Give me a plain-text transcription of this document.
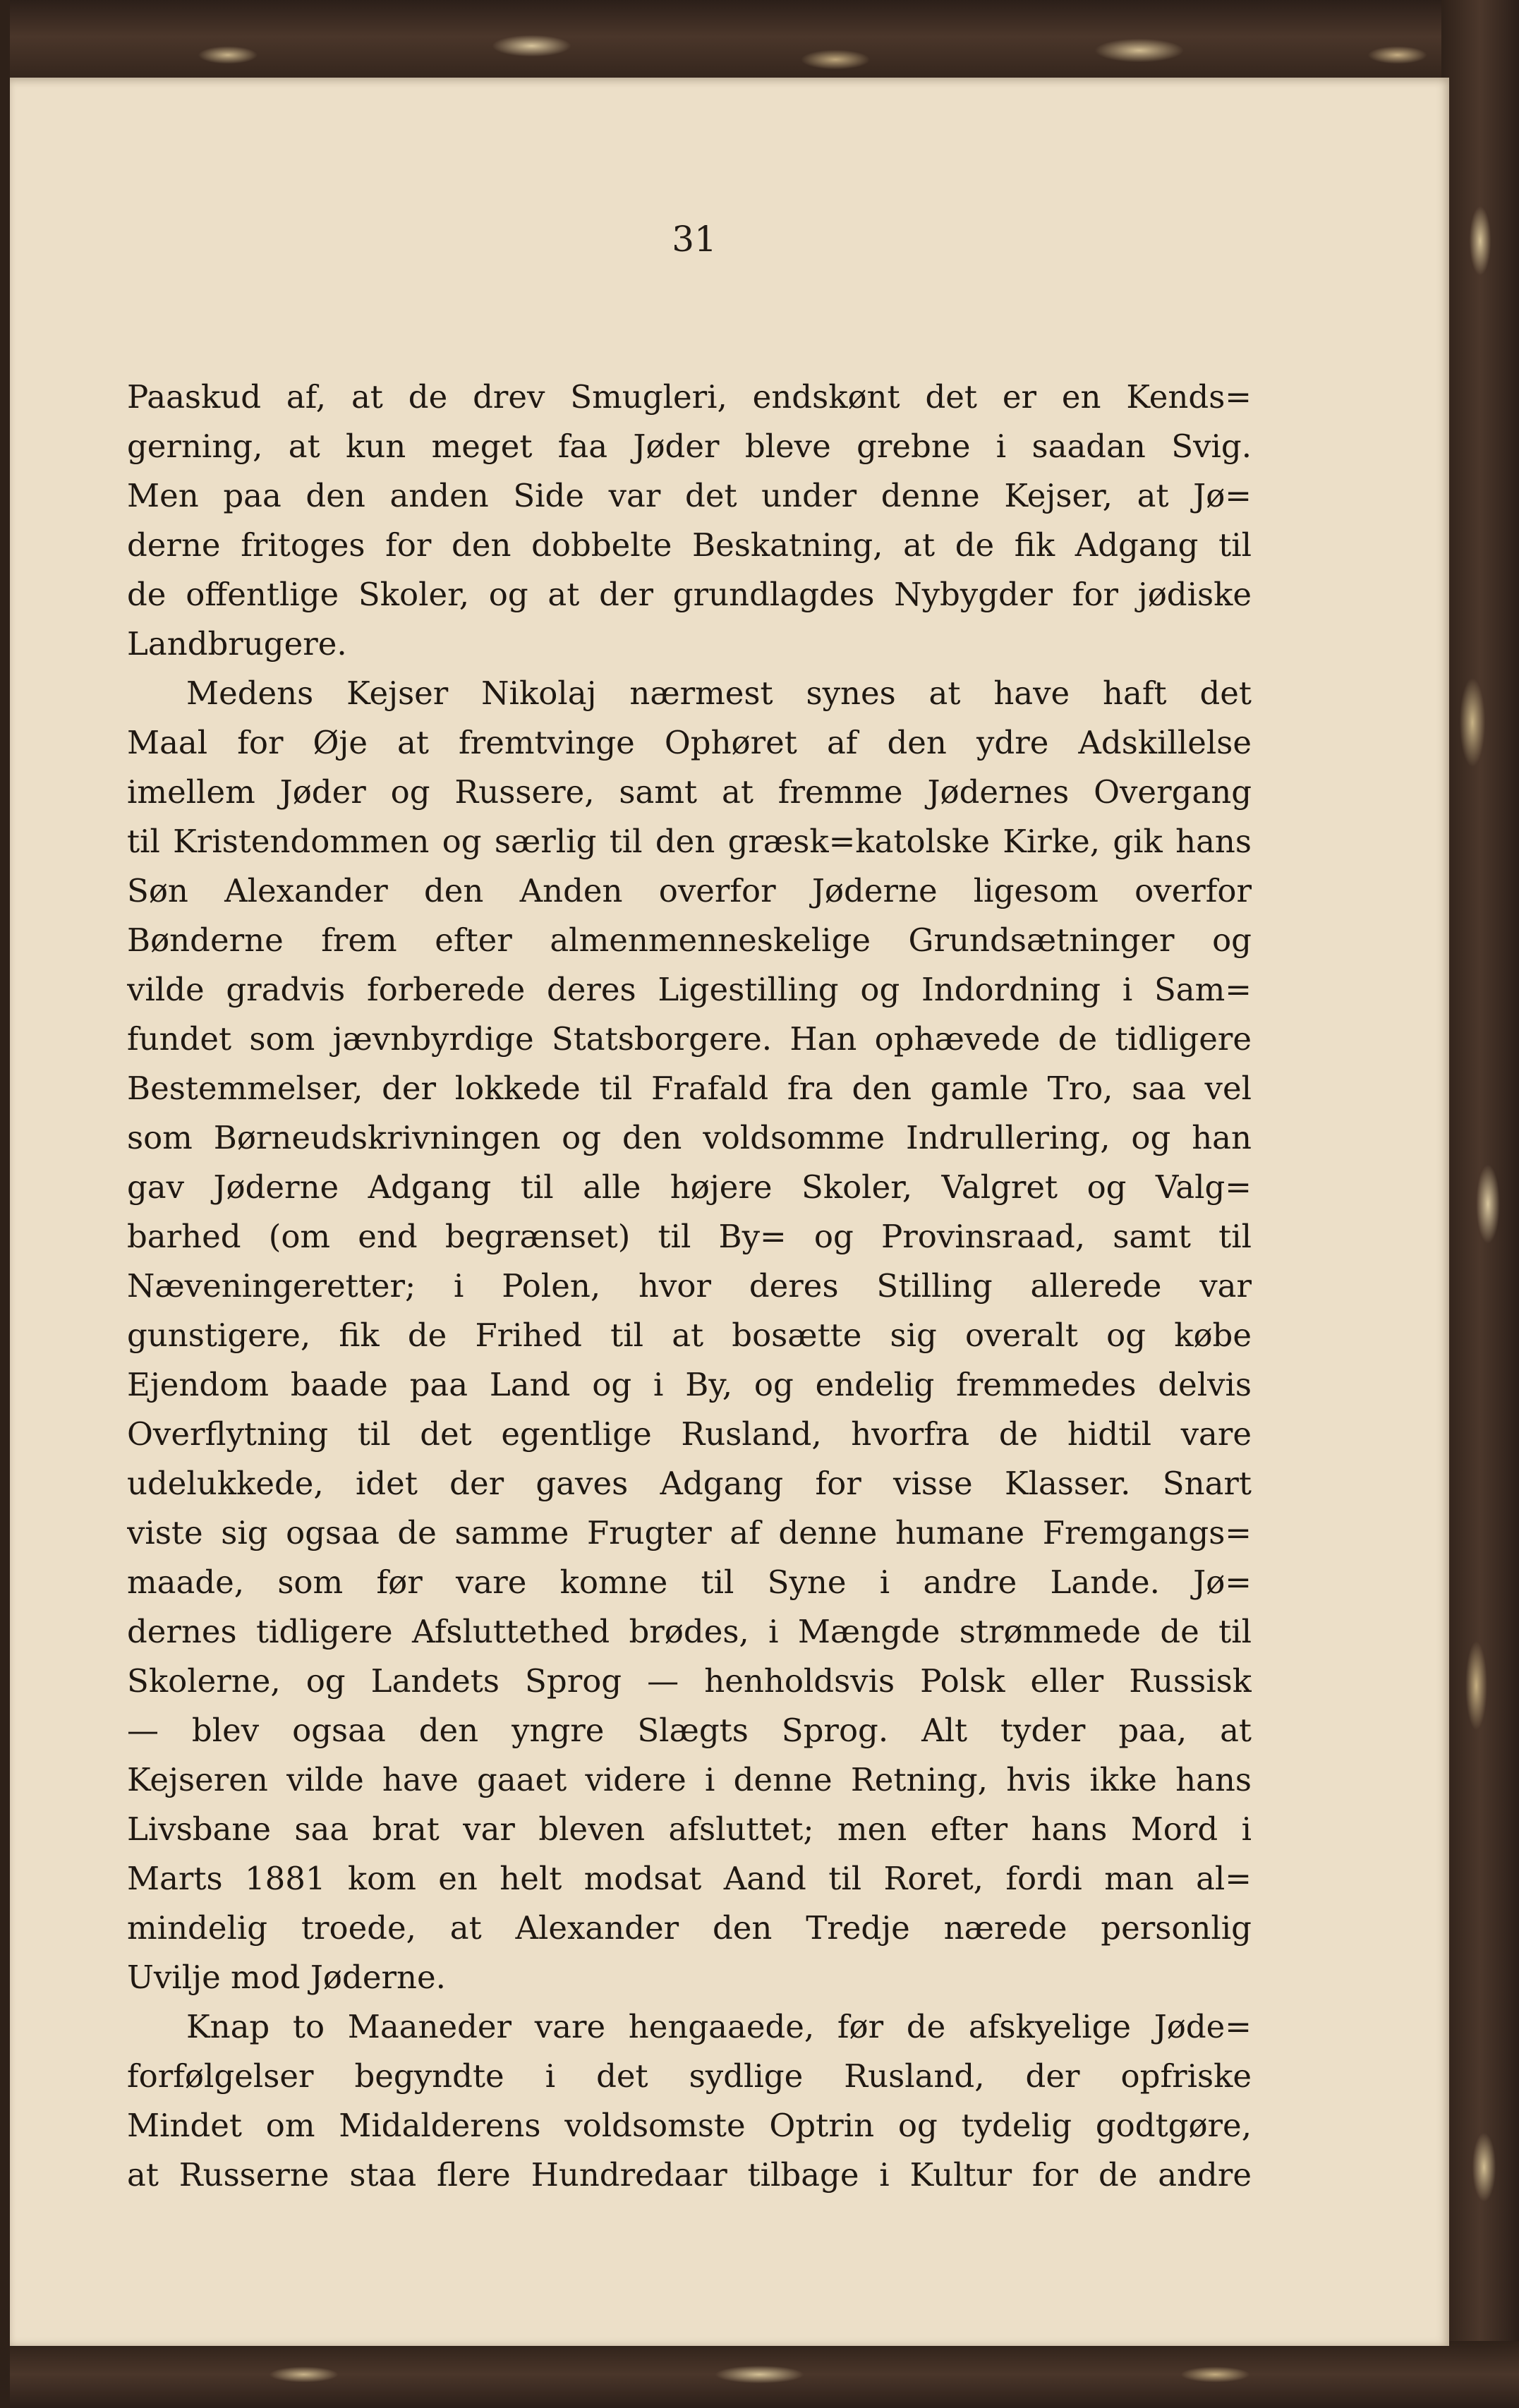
31
Paaskud af, at de drev Smugleri, endskønt det er en Kends=
gerning, at kun meget faa Jøder bleve grebne i saadan Svig.
Men paa den anden Side var det under denne Kejser, at Jø=
derne fritoges for den dobbelte Beskatning, at de fik Adgang til
de offentlige Skoler, og at der grundlagdes Nybygder for jødiske
Landbrugere.
Medens Kejser Nikolaj nærmest synes at have haft det
Maal for Øje at fremtvinge Ophøret af den ydre Adskillelse
imellem Jøder og Russere, samt at fremme Jødernes Overgang
til Kristendommen og særlig til den græsk=katolske Kirke, gik hans
Søn Alexander den Anden overfor Jøderne ligesom overfor
Bønderne frem efter almenmenneskelige Grundsætninger og
vilde gradvis forberede deres Ligestilling og Indordning i Sam=
fundet som jævnbyrdige Statsborgere. Han ophævede de tidligere
Bestemmelser, der lokkede til Frafald fra den gamle Tro, saa vel
som Børneudskrivningen og den voldsomme Indrullering, og han
gav Jøderne Adgang til alle højere Skoler, Valgret og Valg=
barhed (om end begrænset) til By= og Provinsraad, samt til
Næveningeretter; i Polen, hvor deres Stilling allerede var
gunstigere, fik de Frihed til at bosætte sig overalt og købe
Ejendom baade paa Land og i By, og endelig fremmedes delvis
Overflytning til det egentlige Rusland, hvorfra de hidtil vare
udelukkede, idet der gaves Adgang for visse Klasser. Snart
viste sig ogsaa de samme Frugter af denne humane Fremgangs=
maade, som før vare komne til Syne i andre Lande. Jø=
dernes tidligere Afsluttethed brødes, i Mængde strømmede de til
Skolerne, og Landets Sprog — henholdsvis Polsk eller Russisk
— blev ogsaa den yngre Slægts Sprog. Alt tyder paa, at
Kejseren vilde have gaaet videre i denne Retning, hvis ikke hans
Livsbane saa brat var bleven afsluttet; men efter hans Mord i
Marts 1881 kom en helt modsat Aand til Roret, fordi man al=
mindelig troede, at Alexander den Tredje nærede personlig
Uvilje mod Jøderne.
Knap to Maaneder vare hengaaede, før de afskyelige Jøde=
forfølgelser begyndte i det sydlige Rusland, der opfriske
Mindet om Midalderens voldsomste Optrin og tydelig godtgøre,
at Russerne staa flere Hundredaar tilbage i Kultur for de andre
